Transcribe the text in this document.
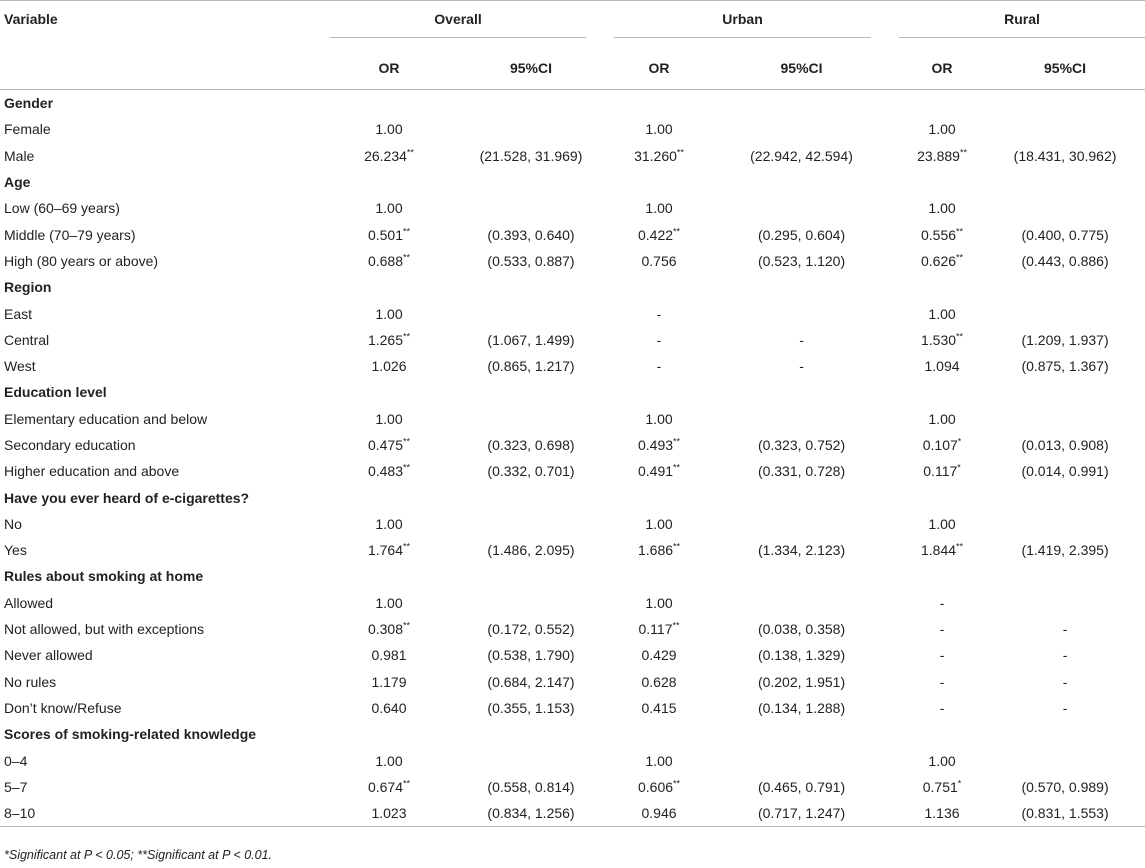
Variable	Overall		Urban		Rural	

	OR	95%CI	OR	95%CI	OR	95%CI
Gender						
Female	1.00		1.00		1.00	
Male	26.234**	(21.528, 31.969)	31.260**	(22.942, 42.594)	23.889**	(18.431, 30.962)
Age						
Low (60–69 years)	1.00		1.00		1.00	
Middle (70–79 years)	0.501**	(0.393, 0.640)	0.422**	(0.295, 0.604)	0.556**	(0.400, 0.775)
High (80 years or above)	0.688**	(0.533, 0.887)	0.756	(0.523, 1.120)	0.626**	(0.443, 0.886)
Region						
East	1.00		-		1.00	
Central	1.265**	(1.067, 1.499)	-	-	1.530**	(1.209, 1.937)
West	1.026	(0.865, 1.217)	-	-	1.094	(0.875, 1.367)
Education level						
Elementary education and below	1.00		1.00		1.00	
Secondary education	0.475**	(0.323, 0.698)	0.493**	(0.323, 0.752)	0.107*	(0.013, 0.908)
Higher education and above	0.483**	(0.332, 0.701)	0.491**	(0.331, 0.728)	0.117*	(0.014, 0.991)
Have you ever heard of e-cigarettes?						
No	1.00		1.00		1.00	
Yes	1.764**	(1.486, 2.095)	1.686**	(1.334, 2.123)	1.844**	(1.419, 2.395)
Rules about smoking at home						
Allowed	1.00		1.00		-	
Not allowed, but with exceptions	0.308**	(0.172, 0.552)	0.117**	(0.038, 0.358)	-	-
Never allowed	0.981	(0.538, 1.790)	0.429	(0.138, 1.329)	-	-
No rules	1.179	(0.684, 2.147)	0.628	(0.202, 1.951)	-	-
Don’t know/Refuse	0.640	(0.355, 1.153)	0.415	(0.134, 1.288)	-	-
Scores of smoking-related knowledge						
0–4	1.00		1.00		1.00	
5–7	0.674**	(0.558, 0.814)	0.606**	(0.465, 0.791)	0.751*	(0.570, 0.989)
8–10	1.023	(0.834, 1.256)	0.946	(0.717, 1.247)	1.136	(0.831, 1.553)
*Significant at P < 0.05; **Significant at P < 0.01.
